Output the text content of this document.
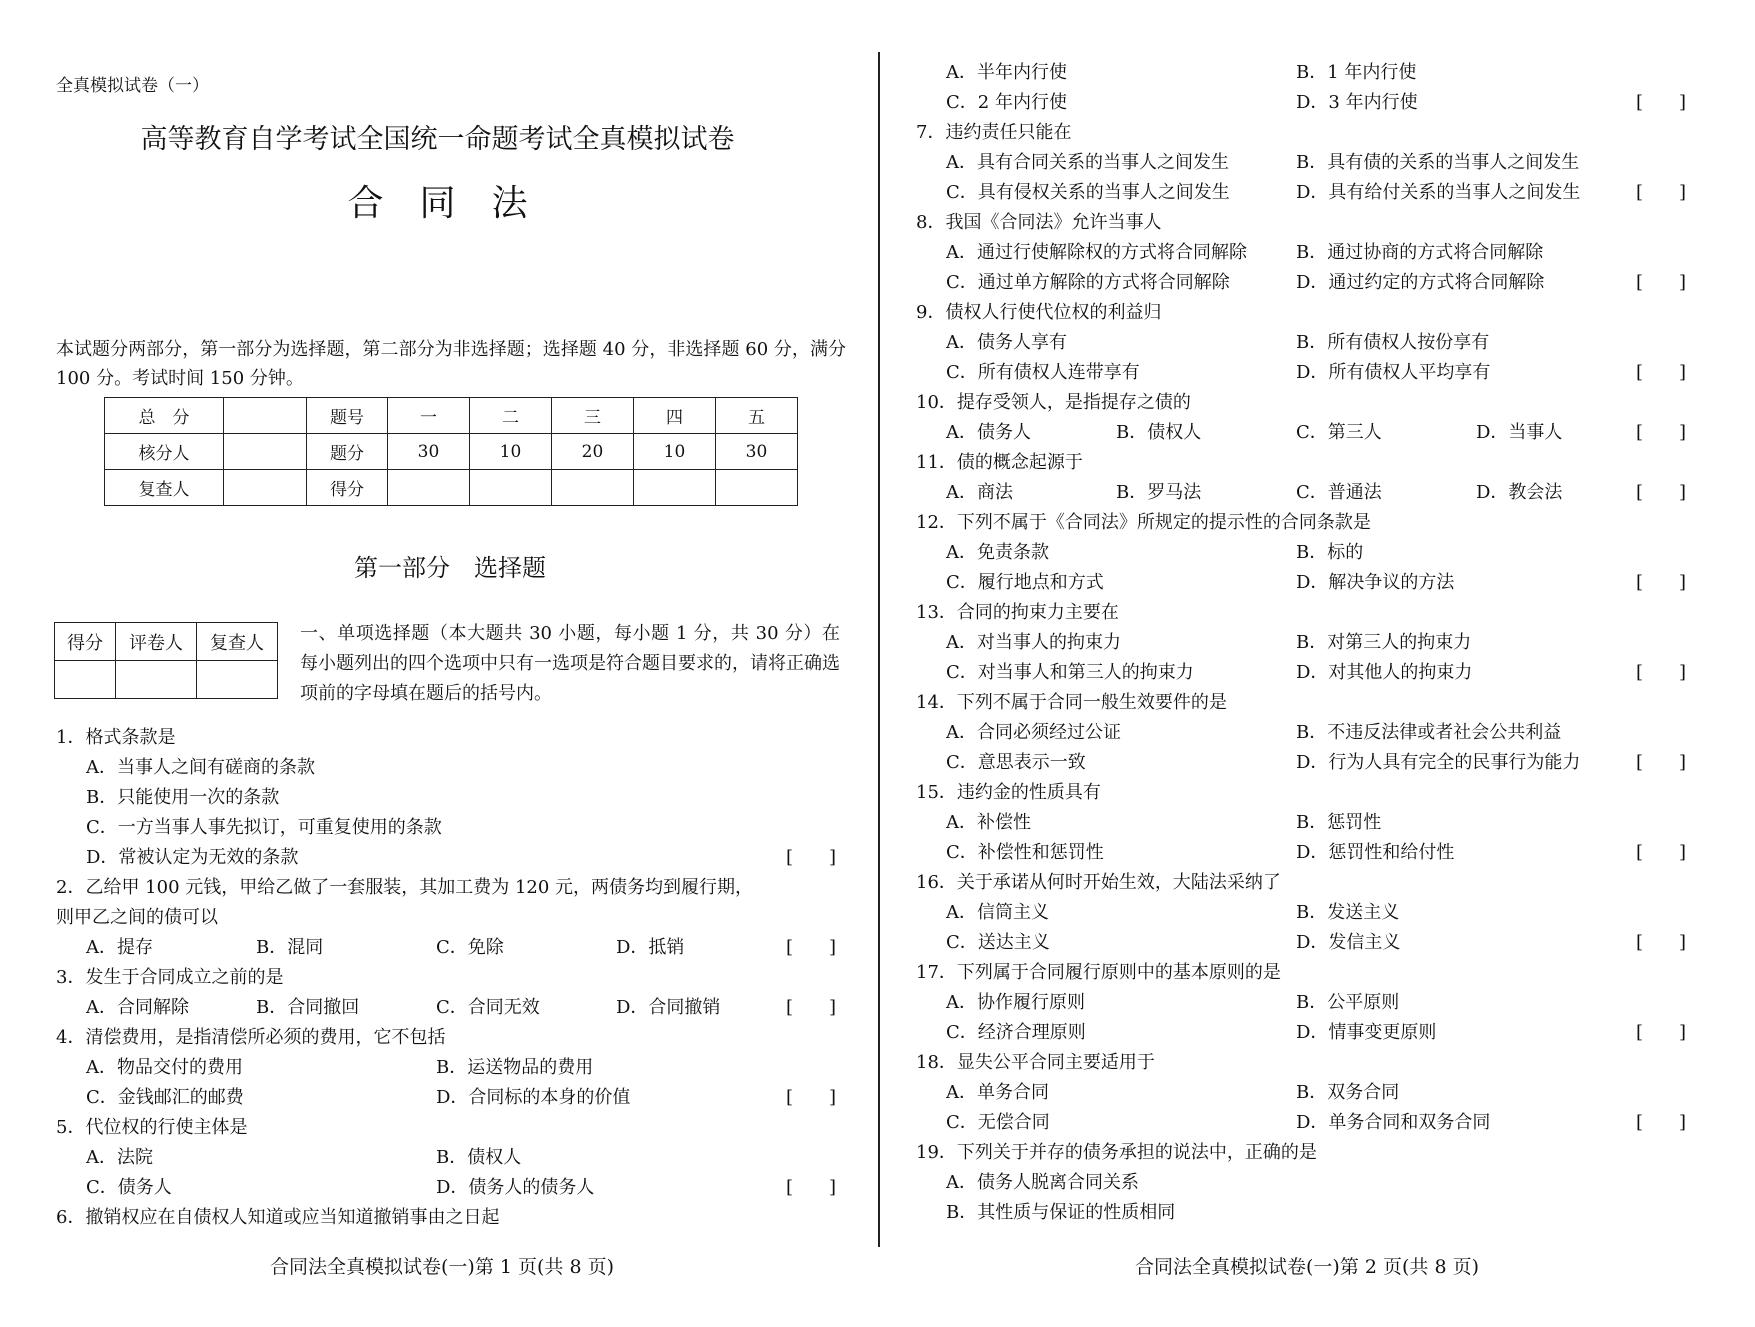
全真模拟试卷（一）
高等教育自学考试全国统一命题考试全真模拟试卷
合同法
本试题分两部分，第一部分为选择题，第二部分为非选择题；选择题 40 分，非选择题 60 分，满分 100 分。考试时间 150 分钟。
总　分		题号	一	二	三	四	五
核分人		题分	30	10	20	10	30
复查人		得分					
第一部分　选择题
得分	评卷人	复查人
		一、单项选择题（本大题共 30 小题，每小题 1 分，共 30 分）在每小题列出的四个选项中只有一选项是符合题目要求的，请将正确选项前的字母填在题后的括号内。
1．格式条款是
A．当事人之间有磋商的条款
B．只能使用一次的条款
C．一方当事人事先拟订，可重复使用的条款
D．常被认定为无效的条款	[　　]
2．乙给甲 100 元钱，甲给乙做了一套服装，其加工费为 120 元，两债务均到履行期，
则甲乙之间的债可以
A．提存	B．混同	C．免除	D．抵销	[　　]
3．发生于合同成立之前的是
A．合同解除	B．合同撤回	C．合同无效	D．合同撤销	[　　]
4．清偿费用，是指清偿所必须的费用，它不包括
A．物品交付的费用	B．运送物品的费用
C．金钱邮汇的邮费	D．合同标的本身的价值	[　　]
5．代位权的行使主体是
A．法院	B．债权人
C．债务人	D．债务人的债务人	[　　]
6．撤销权应在自债权人知道或应当知道撤销事由之日起
合同法全真模拟试卷(一)第 1 页(共 8 页)
A．半年内行使	B．1 年内行使
C．2 年内行使	D．3 年内行使	[　　]
7．违约责任只能在
A．具有合同关系的当事人之间发生	B．具有债的关系的当事人之间发生
C．具有侵权关系的当事人之间发生	D．具有给付关系的当事人之间发生	[　　]
8．我国《合同法》允许当事人
A．通过行使解除权的方式将合同解除	B．通过协商的方式将合同解除
C．通过单方解除的方式将合同解除	D．通过约定的方式将合同解除	[　　]
9．债权人行使代位权的利益归
A．债务人享有	B．所有债权人按份享有
C．所有债权人连带享有	D．所有债权人平均享有	[　　]
10．提存受领人，是指提存之债的
A．债务人	B．债权人	C．第三人	D．当事人	[　　]
11．债的概念起源于
A．商法	B．罗马法	C．普通法	D．教会法	[　　]
12．下列不属于《合同法》所规定的提示性的合同条款是
A．免责条款	B．标的
C．履行地点和方式	D．解决争议的方法	[　　]
13．合同的拘束力主要在
A．对当事人的拘束力	B．对第三人的拘束力
C．对当事人和第三人的拘束力	D．对其他人的拘束力	[　　]
14．下列不属于合同一般生效要件的是
A．合同必须经过公证	B．不违反法律或者社会公共利益
C．意思表示一致	D．行为人具有完全的民事行为能力	[　　]
15．违约金的性质具有
A．补偿性	B．惩罚性
C．补偿性和惩罚性	D．惩罚性和给付性	[　　]
16．关于承诺从何时开始生效，大陆法采纳了
A．信筒主义	B．发送主义
C．送达主义	D．发信主义	[　　]
17．下列属于合同履行原则中的基本原则的是
A．协作履行原则	B．公平原则
C．经济合理原则	D．情事变更原则	[　　]
18．显失公平合同主要适用于
A．单务合同	B．双务合同
C．无偿合同	D．单务合同和双务合同	[　　]
19．下列关于并存的债务承担的说法中，正确的是
A．债务人脱离合同关系
B．其性质与保证的性质相同
合同法全真模拟试卷(一)第 2 页(共 8 页)
